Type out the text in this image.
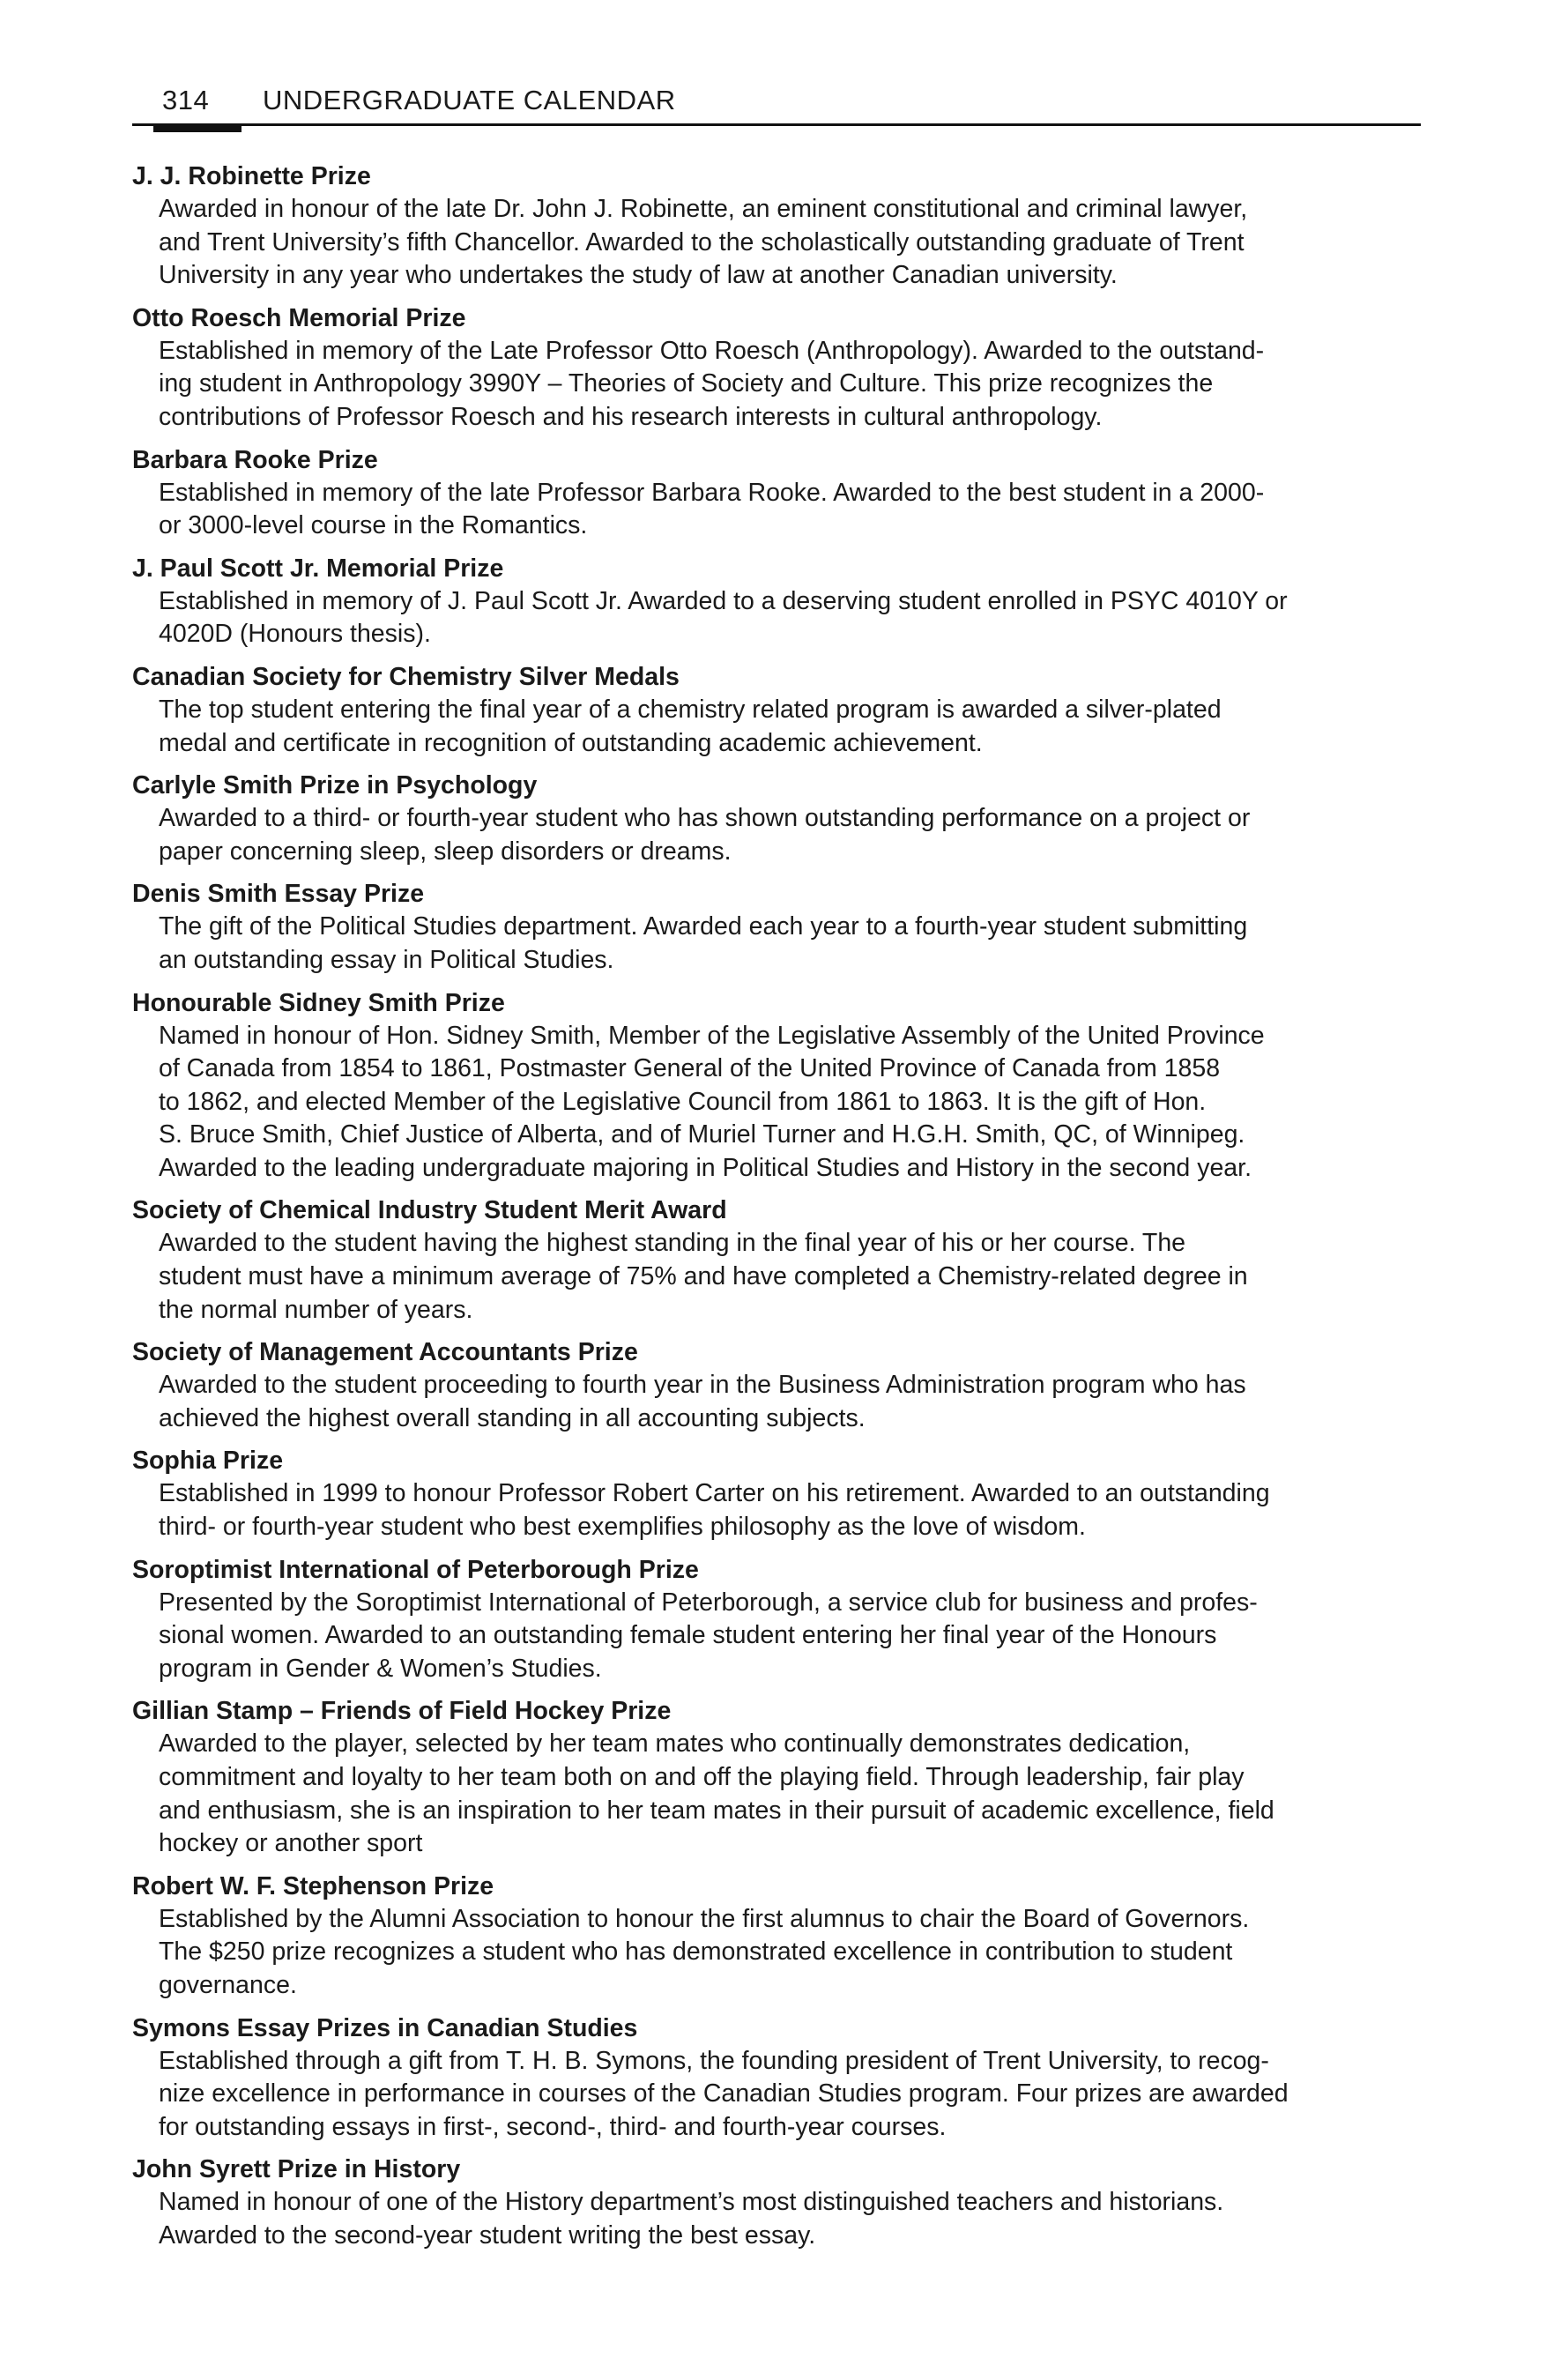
314 UNDERGRADUATE CALENDAR
J. J. Robinette Prize
Awarded in honour of the late Dr. John J. Robinette, an eminent constitutional and criminal lawyer,
and Trent University’s fifth Chancellor. Awarded to the scholastically outstanding graduate of Trent
University in any year who undertakes the study of law at another Canadian university.
Otto Roesch Memorial Prize
Established in memory of the Late Professor Otto Roesch (Anthropology). Awarded to the outstand-
ing student in Anthropology 3990Y – Theories of Society and Culture. This prize recognizes the
contributions of Professor Roesch and his research interests in cultural anthropology.
Barbara Rooke Prize
Established in memory of the late Professor Barbara Rooke. Awarded to the best student in a 2000-
or 3000-level course in the Romantics.
J. Paul Scott Jr. Memorial Prize
Established in memory of J. Paul Scott Jr. Awarded to a deserving student enrolled in PSYC 4010Y or
4020D (Honours thesis).
Canadian Society for Chemistry Silver Medals
The top student entering the final year of a chemistry related program is awarded a silver-plated
medal and certificate in recognition of outstanding academic achievement.
Carlyle Smith Prize in Psychology
Awarded to a third- or fourth-year student who has shown outstanding performance on a project or
paper concerning sleep, sleep disorders or dreams.
Denis Smith Essay Prize
The gift of the Political Studies department. Awarded each year to a fourth-year student submitting
an outstanding essay in Political Studies.
Honourable Sidney Smith Prize
Named in honour of Hon. Sidney Smith, Member of the Legislative Assembly of the United Province
of Canada from 1854 to 1861, Postmaster General of the United Province of Canada from 1858
to 1862, and elected Member of the Legislative Council from 1861 to 1863. It is the gift of Hon.
S. Bruce Smith, Chief Justice of Alberta, and of Muriel Turner and H.G.H. Smith, QC, of Winnipeg.
Awarded to the leading undergraduate majoring in Political Studies and History in the second year.
Society of Chemical Industry Student Merit Award
Awarded to the student having the highest standing in the final year of his or her course. The
student must have a minimum average of 75% and have completed a Chemistry-related degree in
the normal number of years.
Society of Management Accountants Prize
Awarded to the student proceeding to fourth year in the Business Administration program who has
achieved the highest overall standing in all accounting subjects.
Sophia Prize
Established in 1999 to honour Professor Robert Carter on his retirement. Awarded to an outstanding
third- or fourth-year student who best exemplifies philosophy as the love of wisdom.
Soroptimist International of Peterborough Prize
Presented by the Soroptimist International of Peterborough, a service club for business and profes-
sional women. Awarded to an outstanding female student entering her final year of the Honours
program in Gender & Women’s Studies.
Gillian Stamp – Friends of Field Hockey Prize
Awarded to the player, selected by her team mates who continually demonstrates dedication,
commitment and loyalty to her team both on and off the playing field. Through leadership, fair play
and enthusiasm, she is an inspiration to her team mates in their pursuit of academic excellence, field
hockey or another sport
Robert W. F. Stephenson Prize
Established by the Alumni Association to honour the first alumnus to chair the Board of Governors.
The $250 prize recognizes a student who has demonstrated excellence in contribution to student
governance.
Symons Essay Prizes in Canadian Studies
Established through a gift from T. H. B. Symons, the founding president of Trent University, to recog-
nize excellence in performance in courses of the Canadian Studies program. Four prizes are awarded
for outstanding essays in first-, second-, third- and fourth-year courses.
John Syrett Prize in History
Named in honour of one of the History department’s most distinguished teachers and historians.
Awarded to the second-year student writing the best essay.
